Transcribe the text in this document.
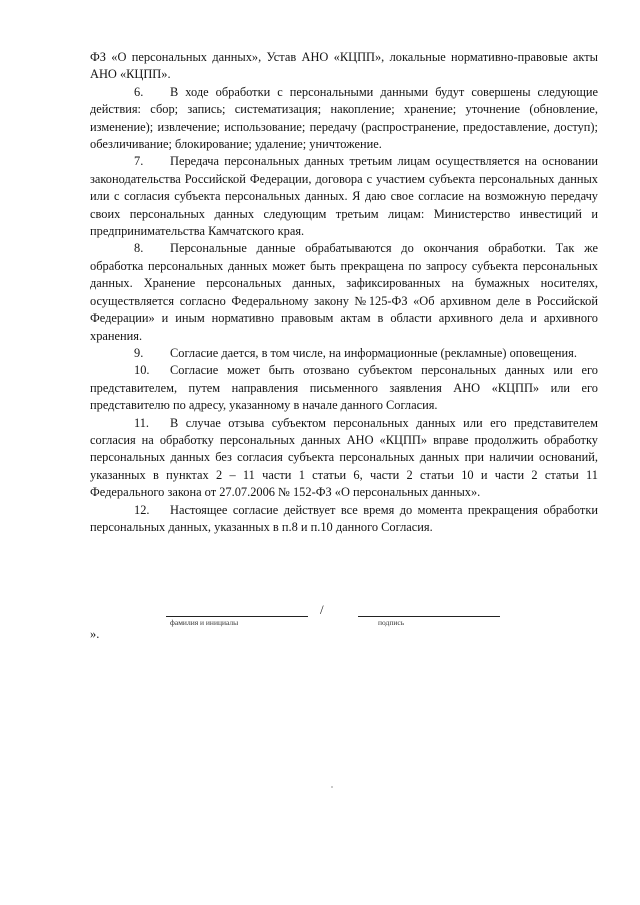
ФЗ «О персональных данных», Устав АНО «КЦПП», локальные нормативно-правовые акты АНО «КЦПП».

6. В ходе обработки с персональными данными будут совершены следующие действия: сбор; запись; систематизация; накопление; хранение; уточнение (обновление, изменение); извлечение; использование; передачу (распространение, предоставление, доступ); обезличивание; блокирование; удаление; уничтожение.

7. Передача персональных данных третьим лицам осуществляется на основании законодательства Российской Федерации, договора с участием субъекта персональных данных или с согласия субъекта персональных данных. Я даю свое согласие на возможную передачу своих персональных данных следующим третьим лицам: Министерство инвестиций и предпринимательства Камчатского края.

8. Персональные данные обрабатываются до окончания обработки. Так же обработка персональных данных может быть прекращена по запросу субъекта персональных данных. Хранение персональных данных, зафиксированных на бумажных носителях, осуществляется согласно Федеральному закону №125-ФЗ «Об архивном деле в Российской Федерации» и иным нормативно правовым актам в области архивного дела и архивного хранения.

9. Согласие дается, в том числе, на информационные (рекламные) оповещения.

10. Согласие может быть отозвано субъектом персональных данных или его представителем, путем направления письменного заявления АНО «КЦПП» или его представителю по адресу, указанному в начале данного Согласия.

11. В случае отзыва субъектом персональных данных или его представителем согласия на обработку персональных данных АНО «КЦПП» вправе продолжить обработку персональных данных без согласия субъекта персональных данных при наличии оснований, указанных в пунктах 2 – 11 части 1 статьи 6, части 2 статьи 10 и части 2 статьи 11 Федерального закона от 27.07.2006 № 152-ФЗ «О персональных данных».

12. Настоящее согласие действует все время до момента прекращения обработки персональных данных, указанных в п.8 и п.10 данного Согласия.

/
фамилия и инициалы	подпись
».
